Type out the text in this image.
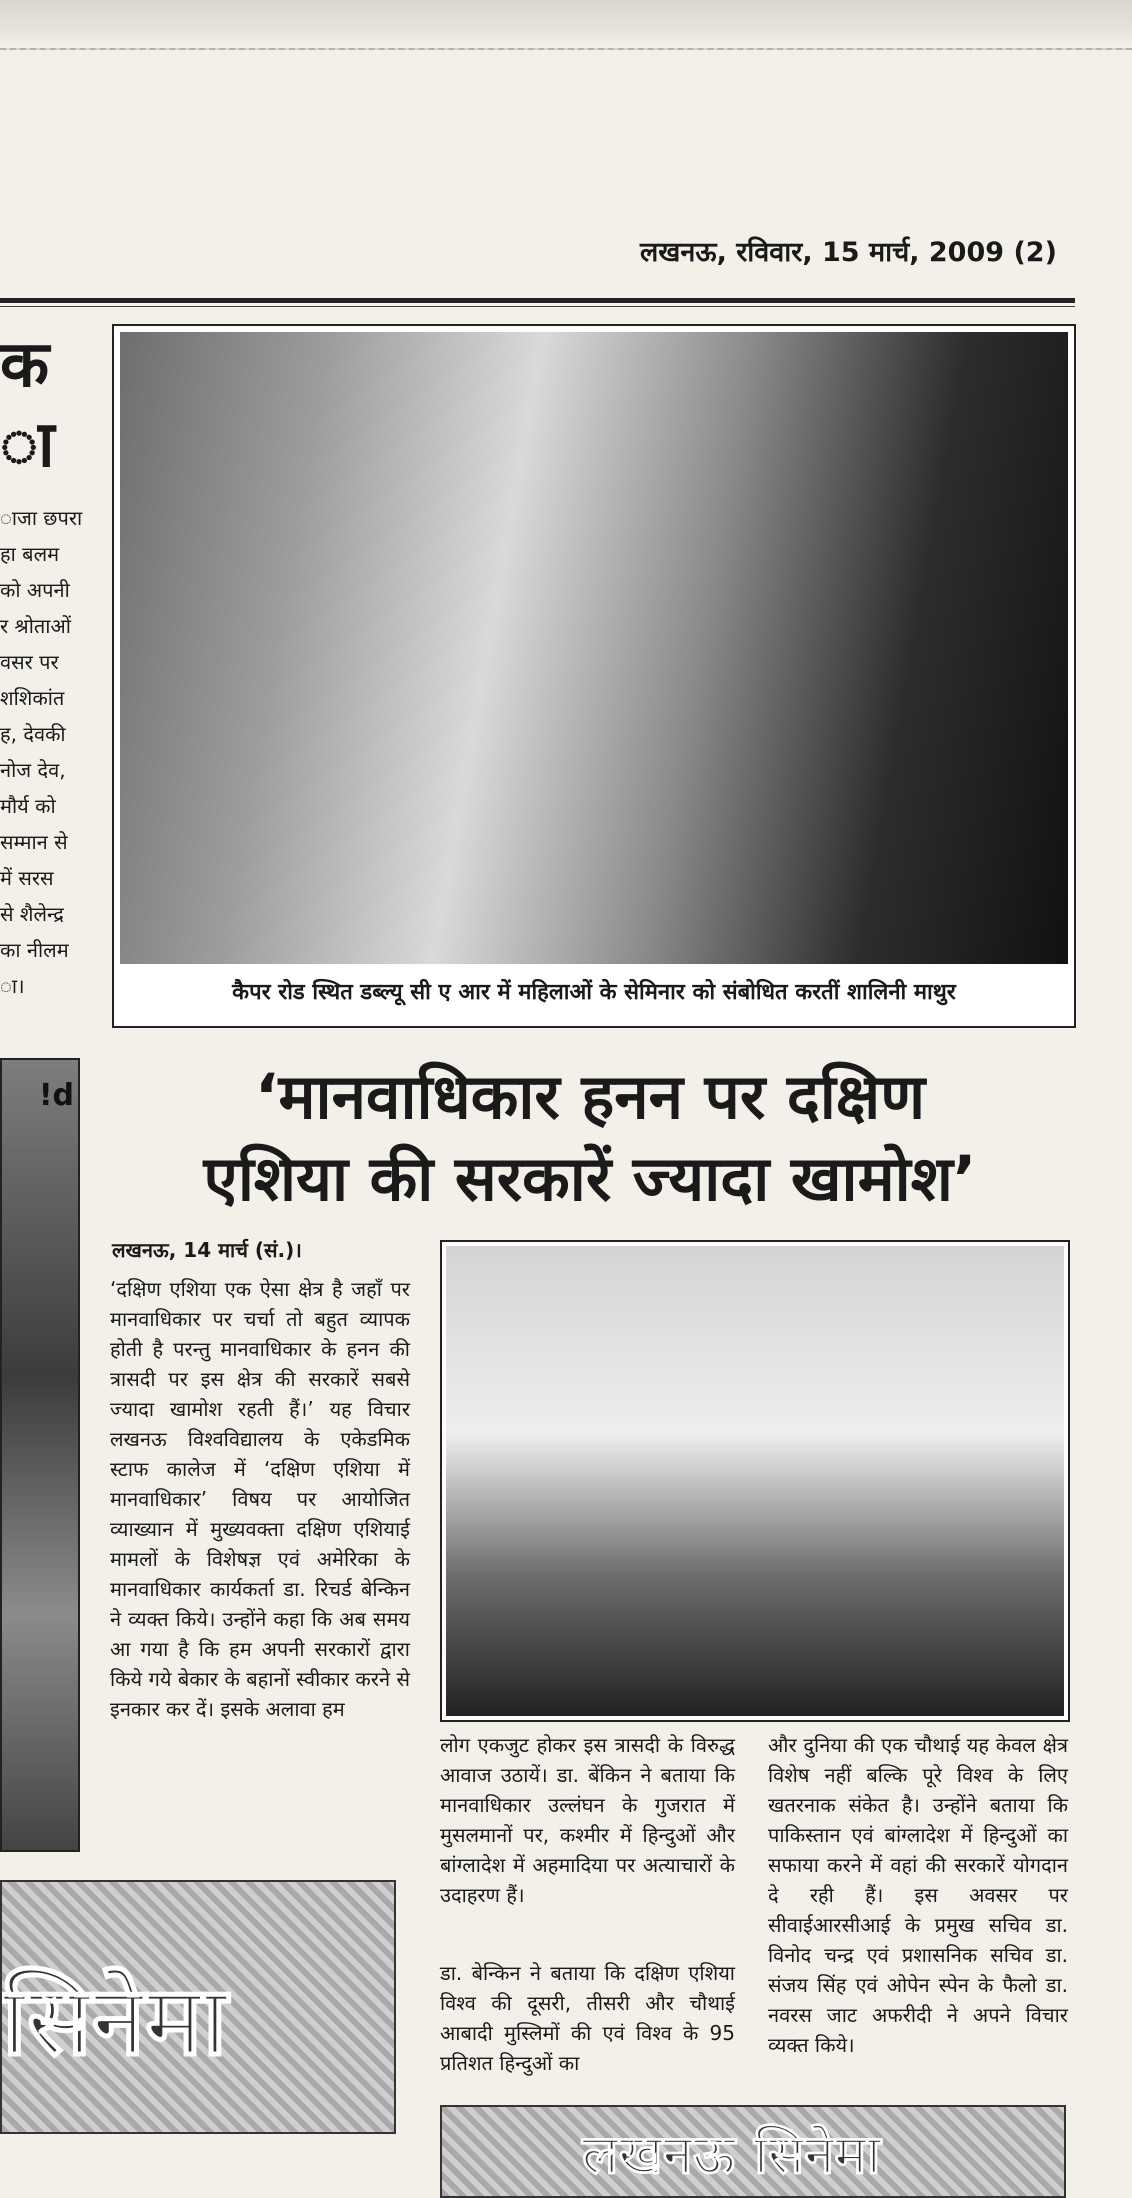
लखनऊ, रविवार, 15 मार्च, 2009 (2)
क
ा
ाजा छपरा
हा बलम
को अपनी
र श्रोताओं
वसर पर
शशिकांत
ह, देवकी
नोज देव,
मौर्य को
सम्मान से
में सरस
से शैलेन्द्र
का नीलम
ा।
!d
कैपर रोड स्थित डब्ल्यू सी ए आर में महिलाओं के सेमिनार को संबोधित करतीं शालिनी माथुर
‘मानवाधिकार हनन पर दक्षिण
एशिया की सरकारें ज्यादा खामोश’
लखनऊ, 14 मार्च (सं.)।
‘दक्षिण एशिया एक ऐसा क्षेत्र है जहाँ पर मानवाधिकार पर चर्चा तो बहुत व्यापक होती है परन्तु मानवाधिकार के हनन की त्रासदी पर इस क्षेत्र की सरकारें सबसे ज्यादा खामोश रहती हैं।’ यह विचार लखनऊ विश्वविद्यालय के एकेडमिक स्टाफ कालेज में ‘दक्षिण एशिया में मानवाधिकार’ विषय पर आयोजित व्याख्यान में मुख्यवक्ता दक्षिण एशियाई मामलों के विशेषज्ञ एवं अमेरिका के मानवाधिकार कार्यकर्ता डा. रिचर्ड बेन्किन ने व्यक्त किये। उन्होंने कहा कि अब समय आ गया है कि हम अपनी सरकारों द्वारा किये गये बेकार के बहानों स्वीकार करने से इनकार कर दें। इसके अलावा हम
लोग एकजुट होकर इस त्रासदी के विरुद्ध आवाज उठायें। डा. बेंकिन ने बताया कि मानवाधिकार उल्लंघन के गुजरात में मुसलमानों पर, कश्मीर में हिन्दुओं और बांग्लादेश में अहमादिया पर अत्याचारों के उदाहरण हैं।
डा. बेन्किन ने बताया कि दक्षिण एशिया विश्व की दूसरी, तीसरी और चौथाई आबादी मुस्लिमों की एवं विश्व के 95 प्रतिशत हिन्दुओं का
और दुनिया की एक चौथाई यह केवल क्षेत्र विशेष नहीं बल्कि पूरे विश्व के लिए खतरनाक संकेत है। उन्होंने बताया कि पाकिस्तान एवं बांग्लादेश में हिन्दुओं का सफाया करने में वहां की सरकारें योगदान दे रही हैं। इस अवसर पर सीवाईआरसीआई के प्रमुख सचिव डा. विनोद चन्द्र एवं प्रशासनिक सचिव डा. संजय सिंह एवं ओपेन स्पेन के फैलो डा. नवरस जाट अफरीदी ने अपने विचार व्यक्त किये।
सिनेमा
लखनऊ सिनेमा
